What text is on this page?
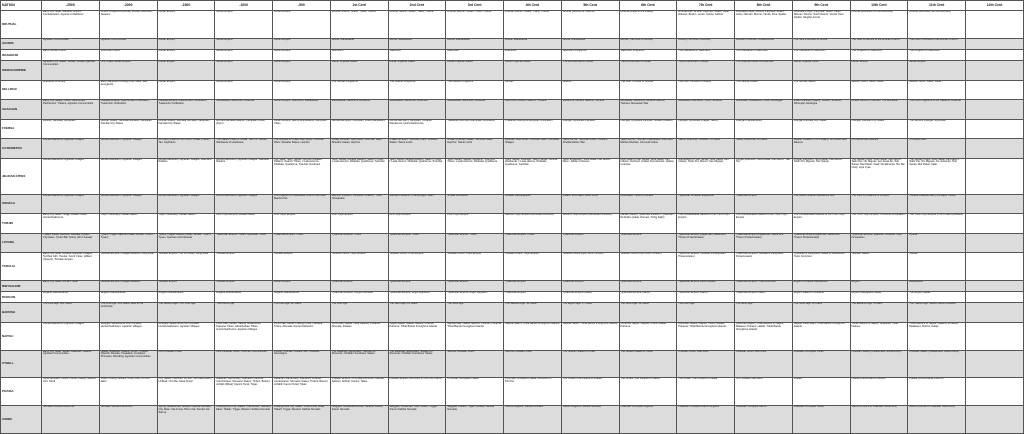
NATION	-2500	-2000	-1500	-1000	-500	1st Cent	2nd Cent	3rd Cent	4th Cent	5th Cent	6th Cent	7th Cent	8th Cent	9th Cent	10th Cent	11th Cent	12th Cent
DRUTHAL	Early City State: Sarasus; Brydric Confederation; Agrarian Chiefdoms	Kindric Kingdoms (Ivernar, Fenval, Leoched); Sarasus	Kieran Empire	Kieran Empire	Kieran Empire	Druthal: Moimir; Scalor; Yitere; Tritona	Druthal: Moimir; Scalor; Yitere; Tritona	Druthal: Moimir; Scalor; Yitere; Tritona	Druthal: Moimir; Scalor; Yitere; Tritona	Druthal (Council of Crowns)	Druthal (Bulge of the Dukes)	Druthal Rise: Acoria; Palymea; Scalor; Lisier; Dilturan; Brodm; Lexan; Garda; Sabran	Druthalia Proper; Acoria; Palymea; Scalor; Lisier; Dilturan; Moimir; Ventia; Pere Opaba	Druthalia Proper; Palymea; Scalor; Lisier; Dilturan; Moimir; North Moimir; Ventia; Pere Opaba; Niegtho Acoria	Druthal (Reunified Ten Archduchies)	Druthal (Reunified Ten Archduchies)	
ACORIA	Agrarian Communities	Agrarian Communities	Kieran Empire	Kieran Empire	Kieran Empire	Acoria; Mahabassa	Acoria; Mahabassa	Acoria; Mahabassa	Acoria; Mahabassa	Acoria; Mahabassa	Acoria (The Nine Provinces)	Acoria (The Nine Provinces)	Acorian Provinces; United Acoria	The Nine Provinces of Acoria	The Nine Provinces of the Acorian Church	The Nine Provinces of the Acorian Church	
WASHOUM	Early Kelthan Clans	Kelthorian Clans	Kieran Empire	Kieran Empire	Kieran Empire	Washoum	Washoum	Washoum	Washoum	Washoum Kingdoms	Washoum Kingdoms	The Clanlands of Washoum	The Clanlands of Washoum	The Clanlands of Washoum	The Kingdom of Washoum	The Kingdom of Washoum	
KIERAN EMPIRE	Agrarian City States; Vesilia; Grusia; Agrarian Communities	The United Kieran Empire	Kieran Empire	Kieran Empire	Kieran Empire	Kieran Imperial States	Kieran Imperial States	Kieran Imperial States	Kieran Imperial States	The Archduchies of Kieran	The Archduchies of Kieran	The Archduchies of Kieran	The Imperial Kieran Archduchies	Kieran Imperial Union	Kieran Empire	Kieran Empire	
KELLIRAC	Wanlands of Amegi	Early Warlords of Amegi (City State: Mal Arenglesh)	Kieran Empire	Kieran Empire	Kieran Empire	The Kellirac Kingdoms	The Kellirac Kingdoms	The Kellirac Kingdoms	Kellirac	Kellirac	The Four Thrones of Kellirac	The Four Thrones of Kellirac	The Kellirac Nation	The Kellirac Nation	Jackett; North; Kacer; Retal	Jackett; North; Kacer; Retal	
AHACHAN	Early City States: Fulotx; Melchindia; Pachamani; Traders; Agrarian Communities	Fulotllan Empire; Melchinhlam Civilization; Tuatemthn Civilization	Fulotllan Empire; Melchinhlam Civilization; Tuatemthn Civilization	Mahabassa; Marenihoi; Ashanna	Kieran Empire; Marenihoi; Mahabassa	Mahabassa; Marenihoi; Ashanna	Mahabassa; Marenihoi; Ashanna	Mahabassa; Marenihoi; Ashanna	Marenihoi; Ashanti Nations; Tiezana	Marenihoi; Ashanti Nations; Tiezana	Mocassas; Marenihoi; Ashanti Nations; Tiezana; Mocassan War	Mocassas; Reendline; Othut; Simanta	Mocassas; Acassanort; Othut; Ashangee	Imach Mahoke (Ihalan); Kebtlot; Simanta; Ishtongal; Ashangee	United Lands of Imachan; The Mocassa	The Nine Kingdoms of the Cabtal of Imachan	
FUERSA	Hintran; Sahraka; Kampillan	Hintran Riders; Sahraka Nomads; Kampillan Familial City States	Hintran Riders; Sahraka Nomads; Kampillan Familial City States	Hintran/Sahraka Alliance; Kampilani Cities (Ryer)	Kieran Empire; Bachyreria Alliance; Kampilani Cities	Dai sai Bachyem; Kampilan; Kihari Wanderers	Dai sa Bachyem; Kampilan; Tezarien Wanderers; Hintra Delicoursa	Trasaham Bachyem/Kampilan Unification	Trasaham Bachyem/Kampilan Unification	Fuergan Syndicate Families	Fuergan Syndicate Families; Jelidan Invasion	Fuergan Syndicate (Plague Years)	Fuergan Familial Wars	Fuergan Familial City-States	Fuergan Familial City-States	The Second Fuergan Syndicate	
CA'DEMETRA	Hunter/Gatherers; Agrarian Villages	Hunter/Gatherers; Agrarian Villages	Al Kharu (Cities of the Front); N'Baa, Charie, Tax; Kephtanis	The Walled Cities of N'Baa; Tezh-Ye Tesites; Warbands of Heshtolea	The Houses of N'Baa; Mah'Sena; Tubhman Wars; Sheathe States; Hep'Kor	N'Baa; Arrikhan; Mah'Sana; Tubhman Wars; Sheathe States; Hep'Kor	N'Baa; Arrikhan; Tubhman Wars; Sheathe States; Taenti Lords	N'Baa; Arrikhan; Ratak; Tubhman Wars; Hep'Kor; Taenti Lords	Arrikhan; Mah'Sena; Tubhman Wars; Krethelan Villages	Taenti sa Nu; Tubhman Wars; Crebikhi; Khelitan/Alturv War	Taenti sa Nu; Tuhman Khalifarates; Zoel Wari; Mathei Khelitan; Ch'overik Clans	Taenti; Rolomnik; Khelitav; Ch'overik	Taenti; Rolomnik; Ch'overik	Jelidan Invasion (The Purgari); Ch'overik/Taen Alliance	Ch'overik/Taen Alliance	Ch'overik/Taen	
JELIDAN CITIES	Hunter/Gatherers; Agrarian Villages	Hunter/Gatherers; Agrarian Villages	Hunter/Gatherers; Agrarian Villages; Warband Raiders	Hunter/Gatherers; Agrarian Villages; Warband Raiders	City State: Tekhr Sanas; Northern Albakia Raiders; Naarch Tribes; L'Lada Hierms; Dhabala; Quahtoma; Tranzall; Gostinaut	Tekhr Sanas; Albakia Raiders; Naarch Tribes; L'Lada Hierms; Dhabala; Quahtoma; Tushtdat	Tekhr Sanas; Albakia Raiders; Naarch Tribes; L'Lada Hierms; Dhabala; Quahtoma; Tushtdat	Tekhr Sanas; Nasset; Hedvenn; Sharpnik; Tribes; L'Lada Hierms; Dhabala; Quahtoma	Tekhr Sanas; Kedrakis; Taenti Sanas; Central Wardanda; L'Lada Hierms; Dhabala; Quahtoma; Tushtdat	Tekhr Expansion; Sura Nekal; Kan Akorin; Wern; Jelidan Colonies	High State of Tekr Sanas; Sura Nekal; Kan Indows; Northern Jelidan Suzerainties; Jelidan Colonies	Successors of Tekr Sanas; Sura Nekal; Kan Indows; Tekkr Pei; Moimir; Kan Migoao	Purgari Ipsentum; Sura Nekal; Kan Akorin; Tekr Pei	Purgari Ipsentum; Sura Nekal; Kan Akorin; Tekkr Pei; Migoao; Tekr Sanas	The Jelidan Cities: Suso Nekal; Kan Akorin; Tekkr Pei; Nix Migoao; Ast Jossa Ec; Tekr Sanas; Mal Pakar; Vaalt; Nu Ellmania; Nor Ma Utsip; Lojis Vyas	The Jelidan Cities: Suso Nekal; Kan Akorin; Tekkr Pei; Nix Migoao; Ast Jossa Ec; Tekr Sanas; Mal Pakar; Vaalt	
XONACA	Hunter/Gatherers; Agrarian Villages	Hunter/Gatherers; Agrarian Villages	Hunter/Gatherers; Agrarian Villages	Hunter/Gatherers; Agrarian Villages	The Legend of Frutetellaca; Rise of the Kalai Manitorchio	Hep'Kor Invasion; Kampilan Invasion; Turjin Occupation	Mamarch Alliance; Chane/Aypoz Wars	Junata Unification	Junatan Disintegration	GREAT EASTERN WAR DOM	Decimated Tribes of Xonaca	Tysannian Xonacan Expansion	Tysannian Empire	The Great Xonacan Matriarchs War	The Jonit Pei Alliance of Xonaca	Xonacan Matriarchies (The Eight Tribes)	
TURJIN	Early City State: Turajji; Kanaki Tribes; Hunter/Gatherers	Turjin Theocracy; Kanaki Nation	Turjin Theocracy; Kanaki Nation	First Turjin Empire; Kanaki Nation	First Turjin Empire	First Turjin Empire	First Turjin Empire	First Turjin Empire	Second Turjin Empire (Ashvinak Incursion)	Second Turjin Empire (Ashvinak Incursion)	Kanaki (Sofori) Tysannian Partition; Tysannian Rebellion (Jakai, Parvesi, Turhg Kajhi)	The Confederated Nations of the Third Turjin Empire	The Confederated Nations of the Third Turjin Empire	The Confederated Nations of the Third Turjin Empire	The Third Turjin Empire; Ch'overik Occupation	The Third Turjin Empire (The Three Dynasties)	
LYRANA	Tysani; Paxai; Kezoreti; Hussaid (Tysani Citystates, Tysani Bar Cities) (All in Kanak)	Tysani; Pagari Nations (Sisax; Brinas; Trusch; Tysan)	Tysani; Pagari Nations (Sisax; Brinas; Trusch; Tysan, Quenian and Idoreea)	Tysannian Empire; Tribes; Quensian Tribes	Tysannian Empire; Tribes	Tysannian Empire; Tribes	Tysannian Empire; Tribes	Tysannian Empire; Tribes	Tysannian Empire; Tribes	Tysannian Empire	Tysannian Empire	Tysannian Empire (Zagannan; Habia and Trissen Protectorates)	Tysannian Empire (Zagannan; Habia and Trissen Protectorates)	Tysannian Empire (Zgannan; Habia and Trissen Protectorates)	Tysannian Empire; Zgannan; Nolbenu Turjin Occupation	Lyrana	
TSOULIA	Early City State: Nevetel; Agrarian Villages; Terrified Lithi; Tsoulia; Surcit Cities; Hilliant (Spaunt); Tsoulian Empire	Tsoulian Empire; Kotagari Alliance; Kang Zikal	Tsoulian Empire (The VII Areal); Kang Zikal	Tsoulian Empire	Tsoulian Empire	Tsoulian Civics; Turjin Empire	Tsoulian Civics; Turjin Empire	Tsoulian Civics; Turjin Empire	Tsoulian Civics; Turjin Empire	Tsoulian Civics (Ojul; Guni; Omblur)	Tsoulian Civics (Ojul; Guni; Omblur)	Tysannian Empire (Tsoulian & Kangnikan Protectorates)	Tysannian Empire (Tsoulian & Kangnikan Protectorates)	Tysoulian & Kangnikan States of Revaunism; Turjin Dominion	Tsoulian States	Tsoulia	
RIBYSAHOM	Early City State: Nib Ent Yaval	Tsoulian Empire; Kotagari Alliance	Tsoulian Empire	Tsoulian Empire	Kieran Empire	Tysannian Empire	Tysannian Empire	Tysannian Empire	Tysannian Empire	Tysannian Empire	Tysannian Empire	Tysannian Empire (New Capital)	Tysannian Empire; Turjin Dominion	Ikrgoth Occupied Rebyashom	Ikrgoth	Rebyashom	
DURGUN	Brigand Wanderlands	Brigand Wanderlands	Brigand Wanderlands	Brigand Wanderlands	Brigand Wanderlands	Tysannian Empire; Durgun Nomads	Tysannian Empire; Brigin Migration	Tysannian Empire; Brigin Migration	Tysannian Empire	Tysannian Empire (GEW)	Tysannian Empire (GEW)	Tysannian Empire (GEW)	Tysannian Empire (GEW)	Ikrgoth States of Torteland	Ikrgoth Subjugated States	The Ikrgoth States	
BAROSH	The First Age: 50+ Clans	The First Age: 50+ Clans; Rise of the Jezkminta	The Second Age; The Third Age	The Fourth Age	The Fifth Age: 22 Clans	The Fifth Age	The Sixth Age: 21 Clans	The Sixth Age	The Seventh Age: 18 Clans	The Eighth Age: 17 Clans	The Ninth Age: 12 Clans	The Ninth Age	The Ninth Age	The Tenth Age: 10 Clans	The Eleventh Age: 9 Clans	The Twelfth Age; Seven Clans of Barosh	
NAPOLI	Hunter/Gatherers; Agrarian Villages	Refugee Settlements from Fursalia; Hunter/Gatherers; Agrarian Villages	Refugee Settlements from Fursalia; Hunter/Gatherers; Agrarian Villages	Fursi Kaki; Kieran Trading Settlements; Patoana Tribes; Aboa/Ashatu Tribes; Hunter/Gatherers; Agrarian Villages	Fursi Kaki; Kieran Trading Posts; Patoana Tribes; Abonala; Hunter/Gatherers	Fursi Kaki; Hakati Tribal Nations; Pohama; Abonala; Patatan	Napoli Hakati; Hakati Nations; Polehaf; Pohama; Tribal Bands throughout Islands	Napola Kaki; Hakati Nations; Polehaf; Pohama; Tribal Bands throughout Islands	Napola Nation; Tribal Bands throughout Islands	Napola Nation; Tribal Bands throughout Islands	Asvenian Napoli; Napolic Tribes; Hakati; Pohama	Asvenian Napoli; Napolic Tribes; Hakatir; Pohama; Tribal Bands throughout Islands	Asvenian Napoli; Tribal Nations of Napoli; Malaesu; Pohapu; Hakati; Tribal Bands throughout Islands	Napolic Land Wars; Tribal Bands throughout Islands	Tribal Nations of Napoli; Scattered Tribal Nations	Tribal Nations of Napoli; Hakahti; Pohama; Malaeseu; Fluthro; Kabijo	
CTHELL	Early City State: Sesau; Raddhan; Muahe; Agrarian Communities	Sesau; Raddhan; Muahe; Furich; Chesar; Albacih; Daneke; Cesadera; Crewlown; Pinnacas; Wrestling; Agrarian Communities	First Cthellian Union	First Cthellian Union; Urivrnan Communities	Poholu; Urikhali; Khadok Sun; Cthellian Sovereigns	The Raddhan Supremacy; Ceinsa Pol; Shounde; Cthellian Successor States	The Raddhan Supremacy; Sesau Pol; Shounde; Cthellian Successor States	Second Cthellian Union	Second Cthellian Union	The Sixteen States of Cthell	The Sixteen States of Cthell	Cthellian Union; War Zone	Cthellian Union; War Zone	Poassian Occupied Cthell	Cthellian States (Collaborator Government)	Cthellian States (Collaborator Government)	
POASIA	Semi-Nomadic Tribes: Pohus; Urikuyi; Mwahli; Otis; Sardi	Pelus; Urikuyi; Mwahli; Ohia; Duth; Ko Min; Alkhr	City States: Pelushel; Ko Min; Tar Mekhmikes; Urikhali; Ch'orlla; Ashat Kiwan	Radahan Supremacy; Mandeshi Kendria; Cambohalus; Shuvanic States; Tirdeni; Bokuni; Achikili (Mikai); Kamini Tonal; Trijaic	Radahan Supremacy; Mandeshi Kendria; Cambohalus; Shuvanic States; Tirdeni; Bokuni; Achikili; Kamini Tonal; Trijaic	Poasian Empire; Ch'orvaal Dominion; Harbau Nations; Akhbai; Kamini; Tijaku	Poasian Empire; Dominion in Kho Tax; Kamini	Ch'ehfian Occupied Poasia	Ch'ehfian Occupied Poasia; Dominion in Kho'Tax	The United True People of Poasia	The United True People of Poasia	The United True People of Poasia	UTP Poasia; War Zone	Poasia	Poasia (Panichcarral Council)	Poasia (Panichcarral Council)	
XAMIN	Nomadic Hunter/Fishermen	Nomadic Hunter/Fishermen	Spring Settlements; Western Sahkta Nomads; City State: Xal Amine; Rhun Xal; Xamiks Xal Sarma	Underground City States: Xhal Amine; Talsham; Eikar; Tikkah; Trigga; Western Sahkta Nomads	Underground City States: Xhal Amine; Eikar; Tikkah; Trigga; Western Sahkta Nomads	Serggau; Vendetras Amthar; Sultara; Koinut; Xamin Nomads	Serggau; Vendetras; Cirel; Kelbin; Trigga; Xamini Sahkta Nomads	Seggata; Kaltiko; Trigan; Gutikat; Sahkta Nomads	Xamini Regions; Sahkta Nomads	Xamini Regions; Sahkta Nomads	Poassian Occupied Regions	Poassian Occupied Ramin Regions	Poassian Occupied Kamin	Poassian Occupied Xamin	Xamin (Council of Poassian Governors)	Xamin (Council of Poassian Governors)	
